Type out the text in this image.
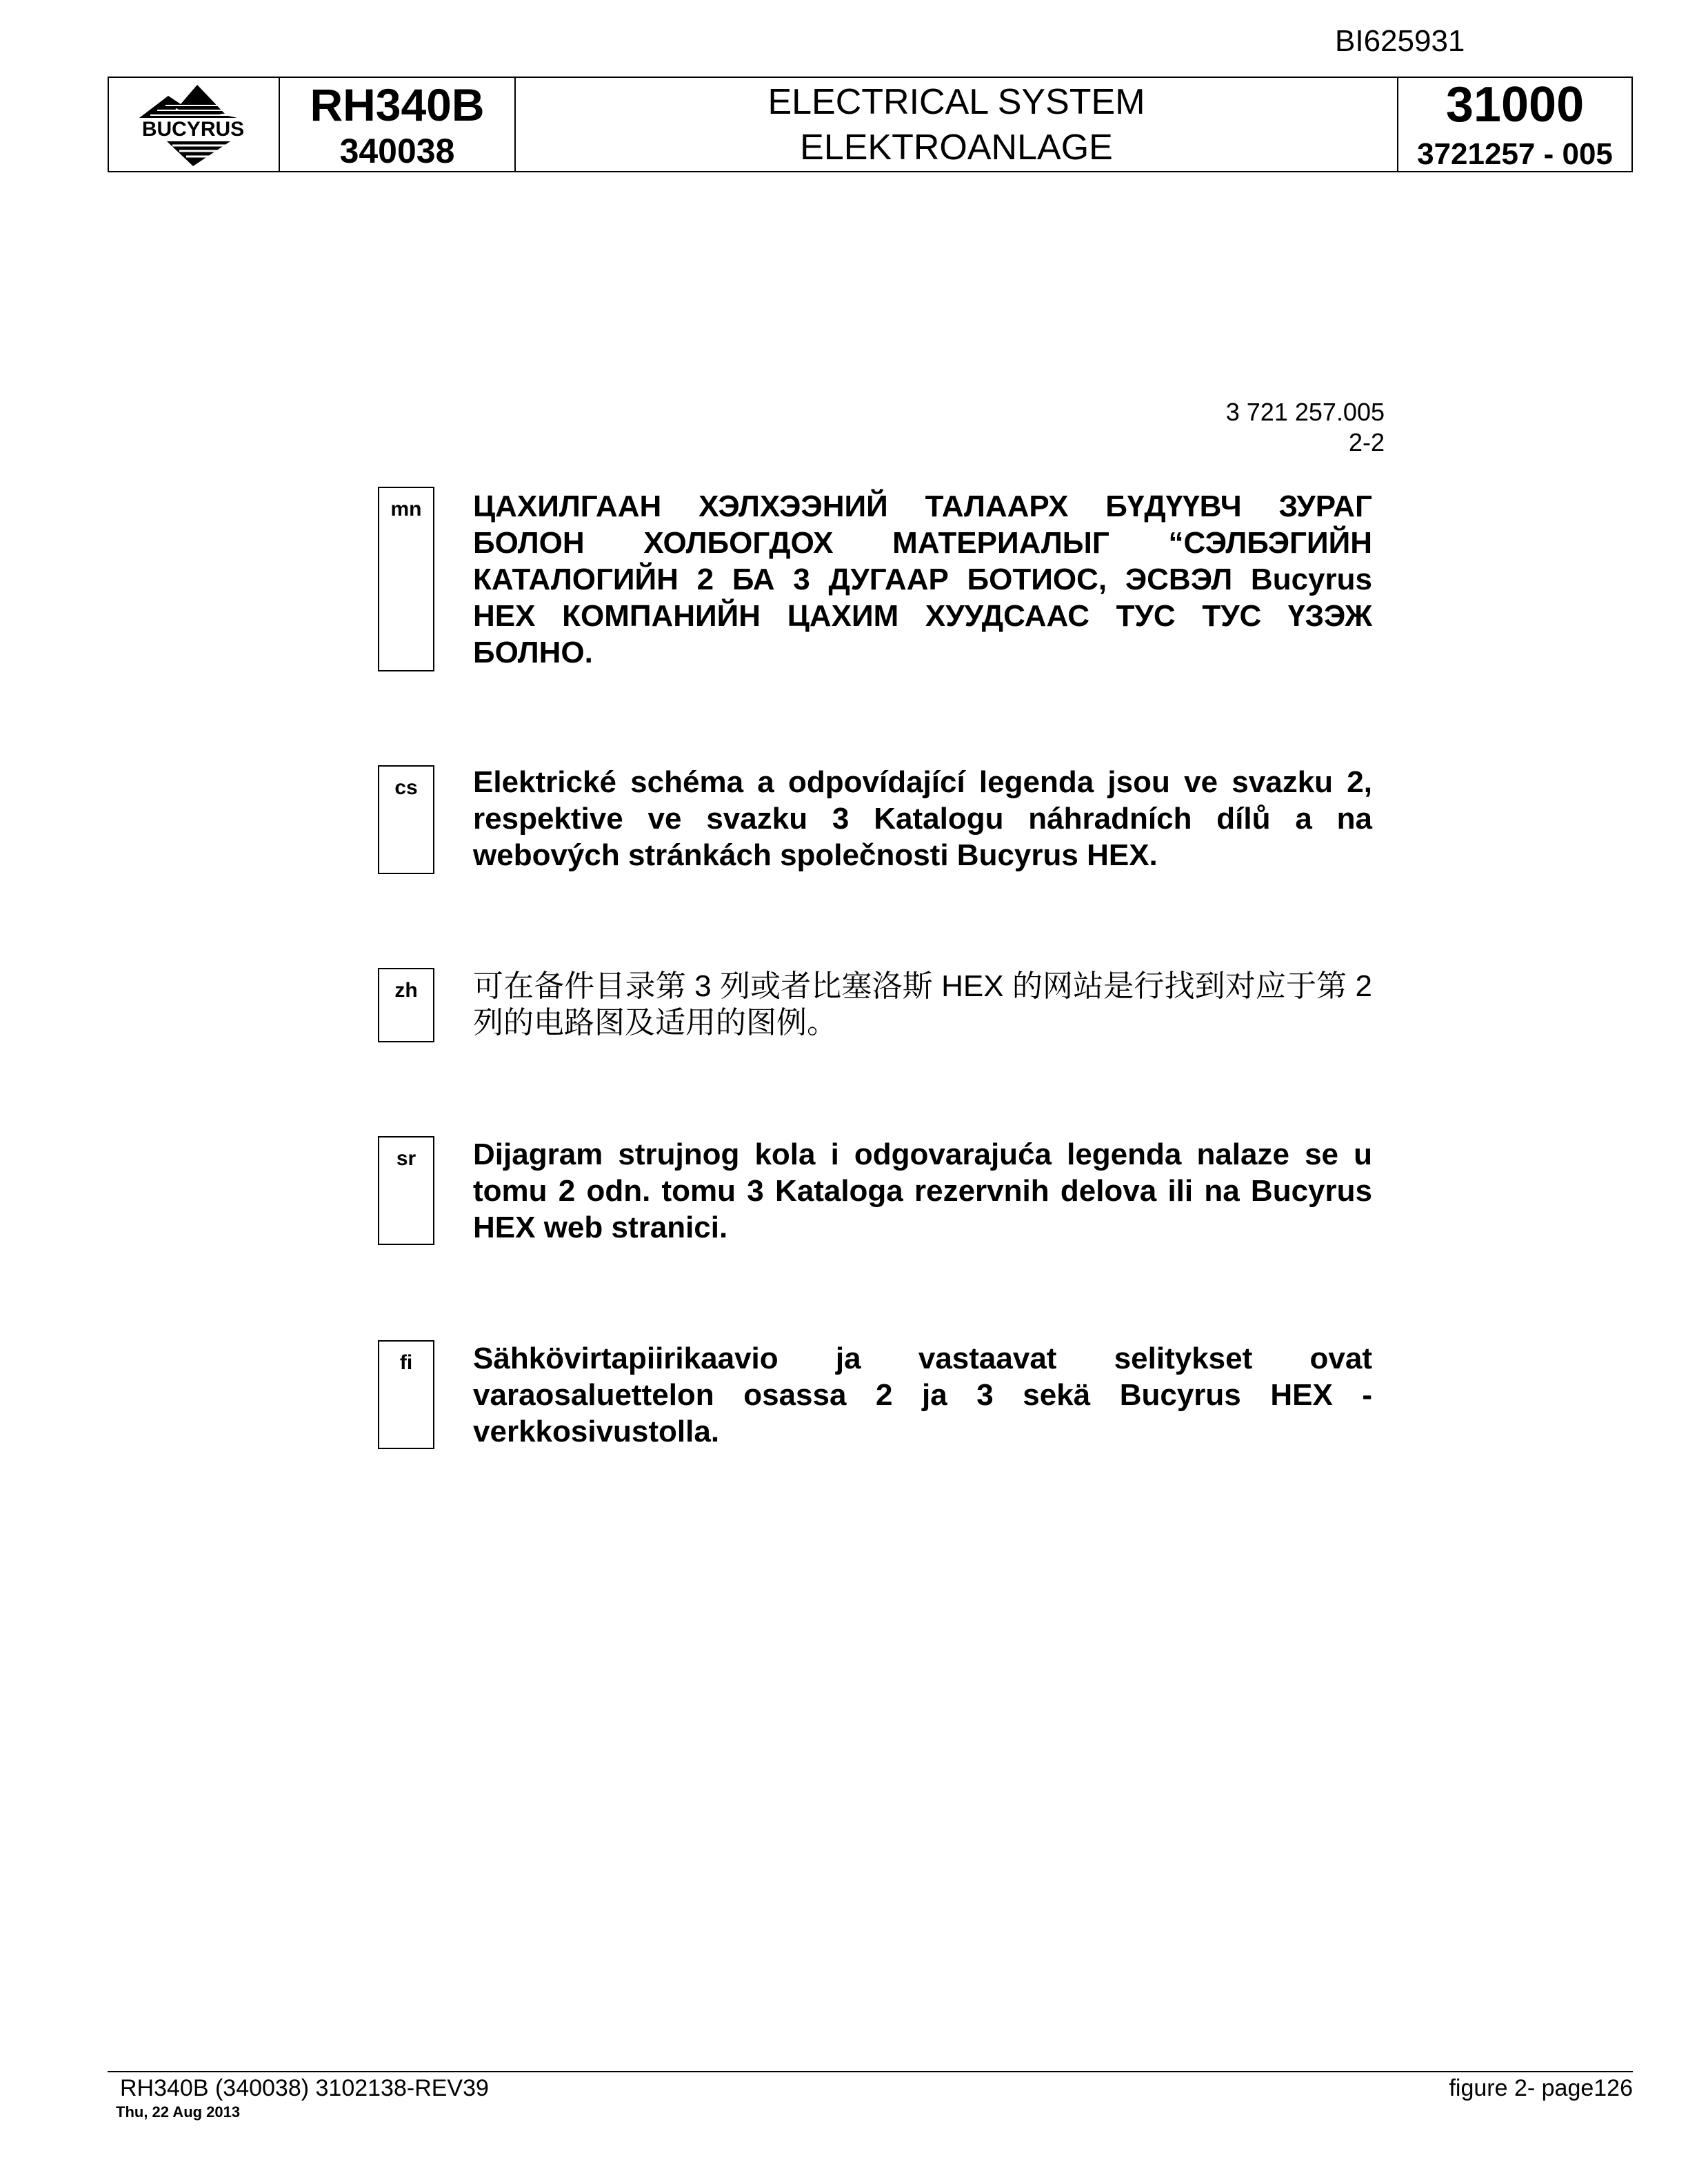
BI625931
BUCYRUS	RH340B
340038
ELECTRICAL SYSTEM
ELEKTROANLAGE
31000
3721257 - 005
3 721 257.005
2-2
mn	ЦАХИЛГААН ХЭЛХЭЭНИЙ ТАЛААРХ БҮДҮҮВЧ ЗУРАГ БОЛОН ХОЛБОГДОХ МАТЕРИАЛЫГ “СЭЛБЭГИЙН КАТАЛОГИЙН 2 БА 3 ДУГААР БОТИОС, ЭСВЭЛ Bucyrus HEX КОМПАНИЙН ЦАХИМ ХУУДСААС ТУС ТУС ҮЗЭЖ БОЛНО.
cs	Elektrické schéma a odpovídající legenda jsou ve svazku 2, respektive ve svazku 3 Katalogu náhradních dílů a na webových stránkách společnosti Bucyrus HEX.
zh	可在备件目录第 3 列或者比塞洛斯 HEX 的网站是行找到对应于第 2 列的电路图及适用的图例。
sr	Dijagram strujnog kola i odgovarajuća legenda nalaze se u tomu 2 odn. tomu 3 Kataloga rezervnih delova ili na Bucyrus HEX web stranici.
fi	Sähkövirtapiirikaavio ja vastaavat selitykset ovat varaosaluettelon osassa 2 ja 3 sekä Bucyrus HEX -verkkosivustolla.
RH340B (340038) 3102138-REV39
Thu, 22 Aug 2013
figure 2- page126
